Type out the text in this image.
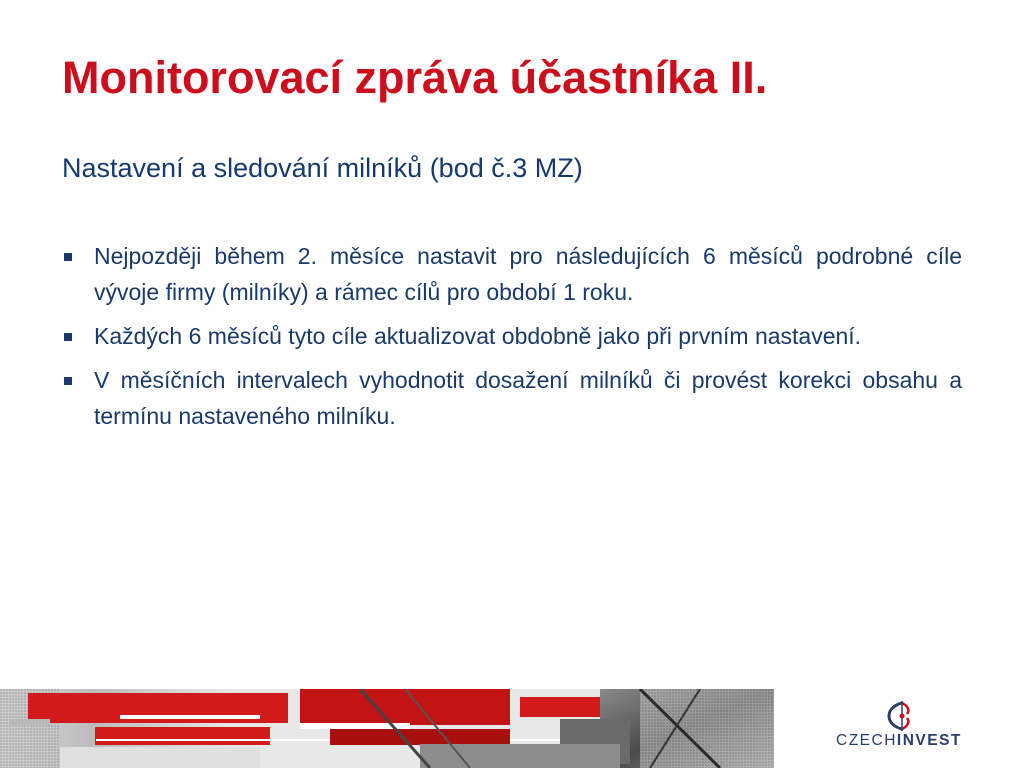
Monitorovací zpráva účastníka II.
Nastavení a sledování milníků (bod č.3 MZ)
Nejpozději během 2. měsíce nastavit pro následujících 6 měsíců podrobné cíle vývoje firmy (milníky) a rámec cílů pro období 1 roku.
Každých 6 měsíců tyto cíle aktualizovat obdobně jako při prvním nastavení.
V měsíčních intervalech vyhodnotit dosažení milníků či provést korekci obsahu a termínu nastaveného milníku.
CZECHINVEST
